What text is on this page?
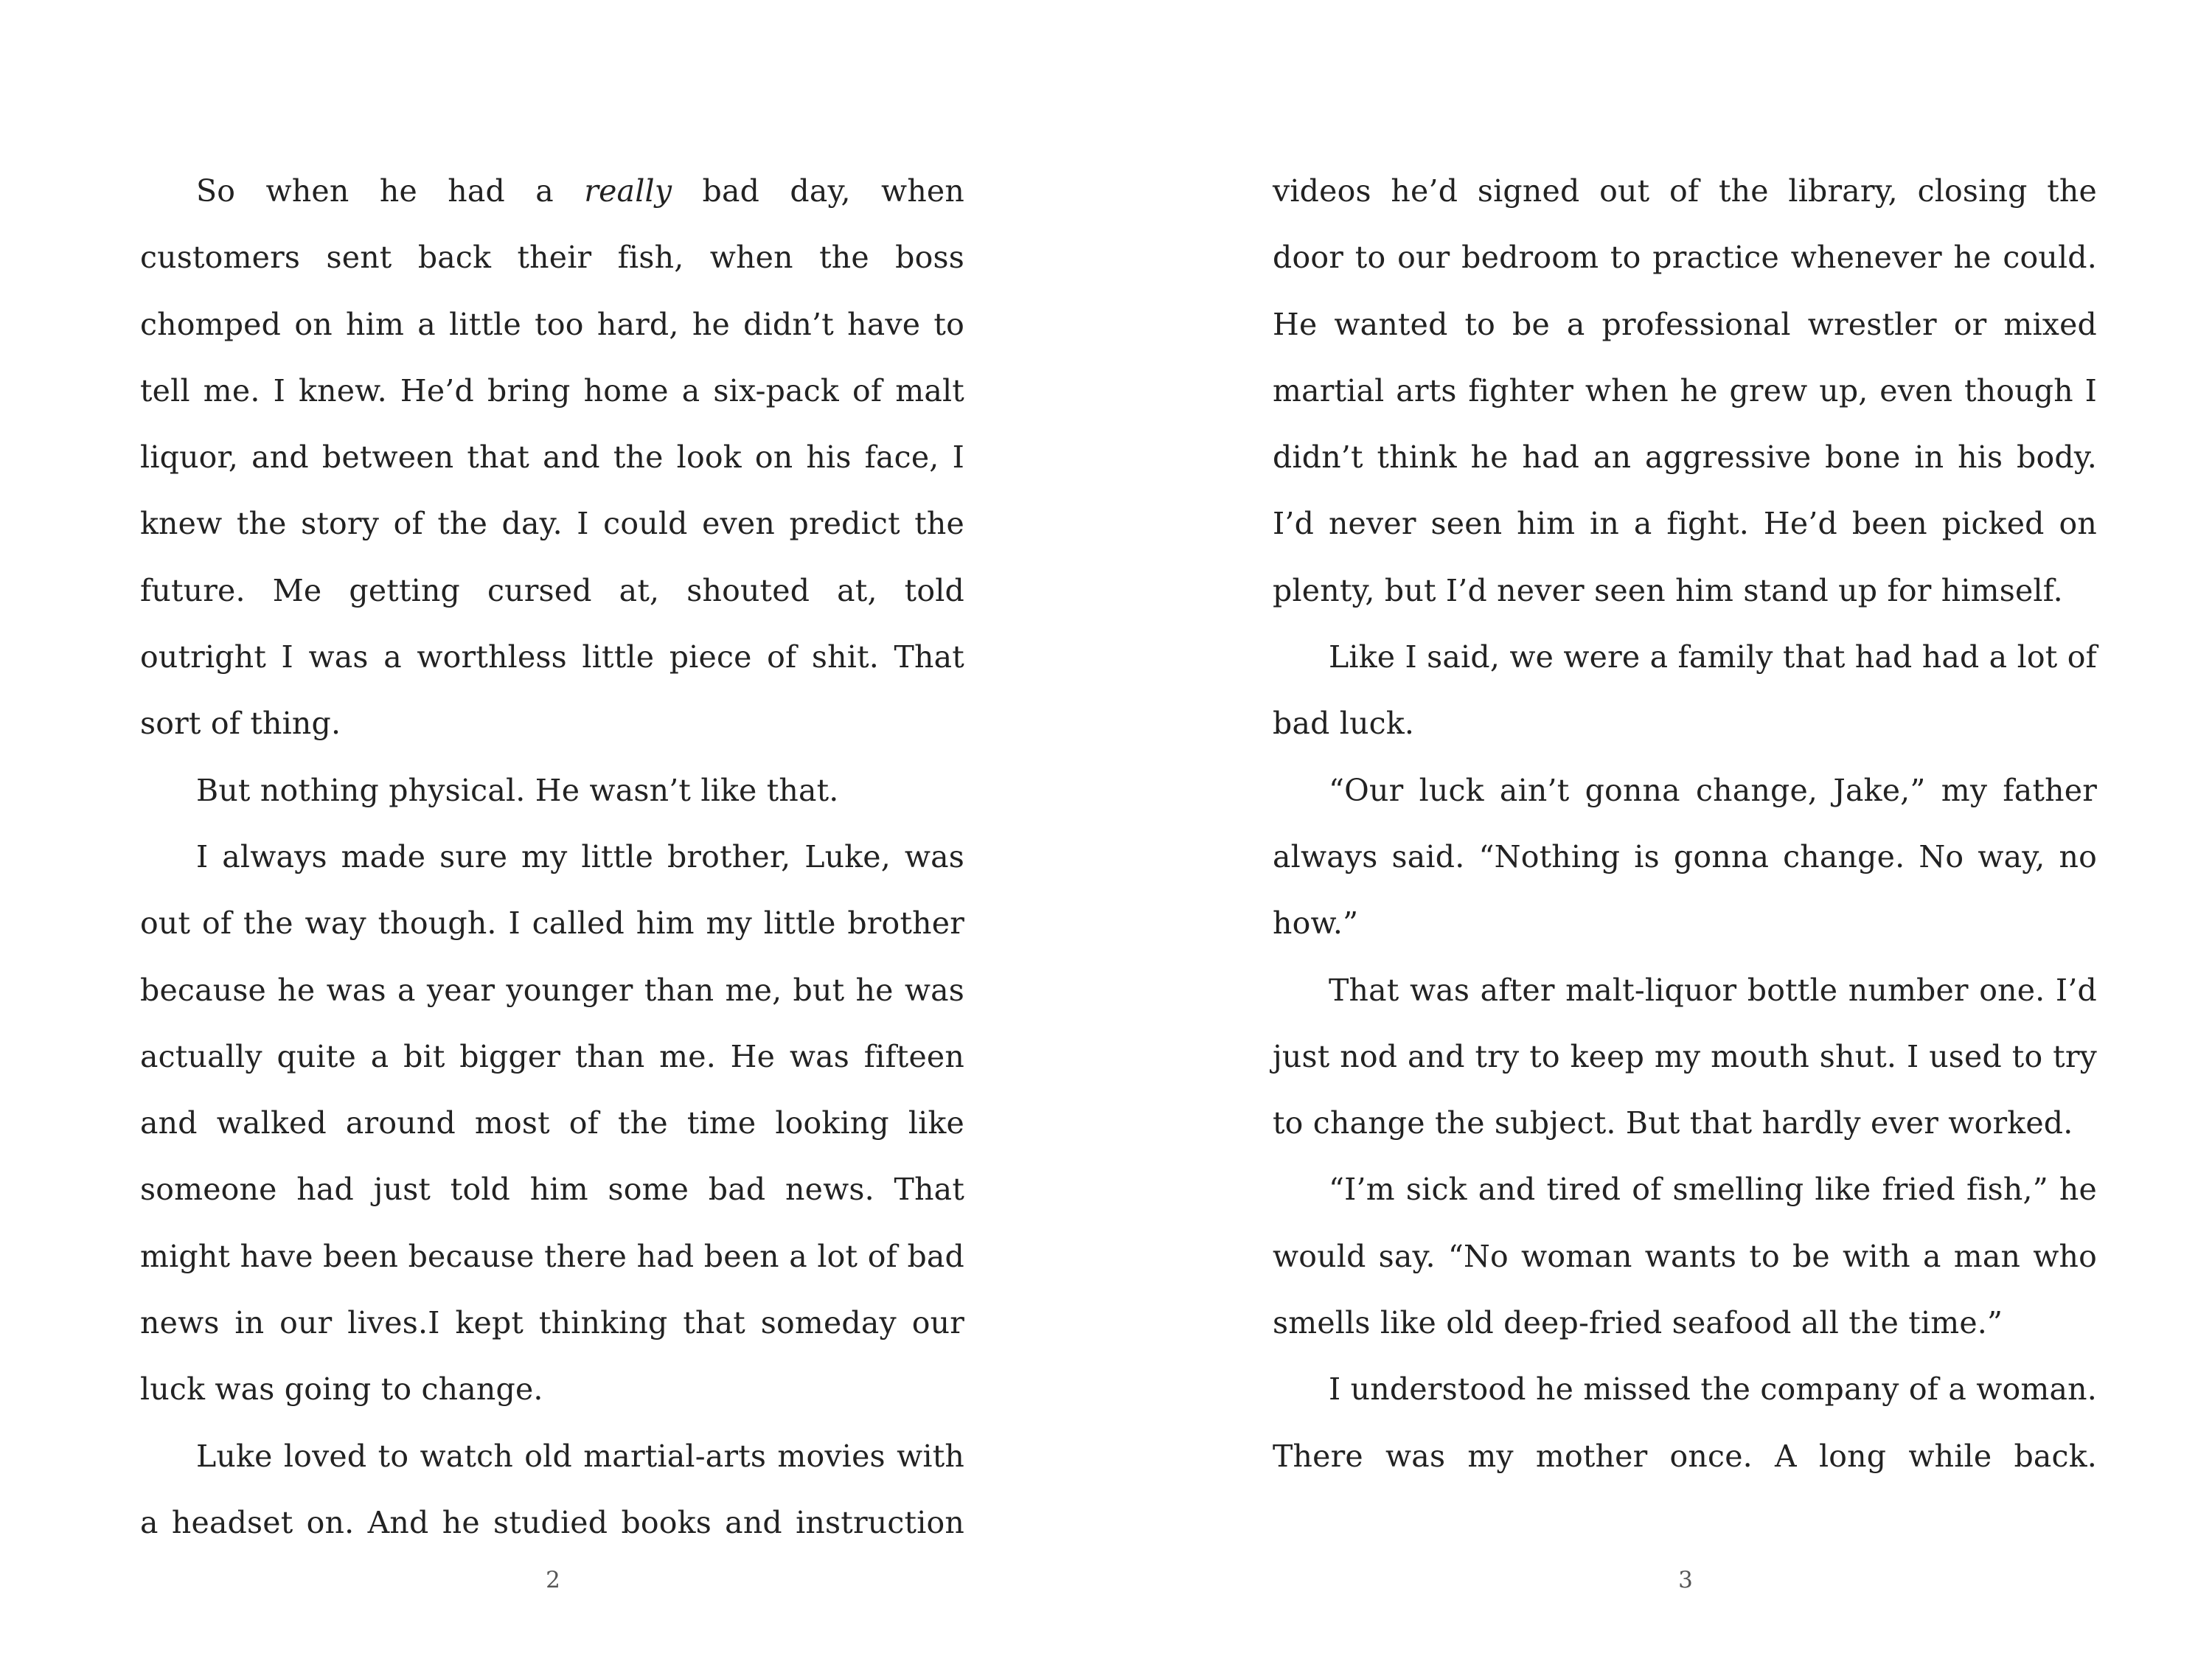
So when he had a really bad day, when customers sent back their fish, when the boss chomped on him a little too hard, he didn’t have to tell me. I knew. He’d bring home a six-pack of malt liquor, and between that and the look on his face, I knew the story of the day. I could even predict the future. Me getting cursed at, shouted at, told outright I was a worthless little piece of shit. That sort of thing.

But nothing physical. He wasn’t like that.

I always made sure my little brother, Luke, was out of the way though. I called him my little brother because he was a year younger than me, but he was actually quite a bit bigger than me. He was fifteen and walked around most of the time looking like someone had just told him some bad news. That might have been because there had been a lot of bad news in our lives.I kept thinking that someday our luck was going to change.

Luke loved to watch old martial-arts movies with a headset on. And he studied books and instruction

2

videos he’d signed out of the library, closing the door to our bedroom to practice whenever he could. He wanted to be a professional wrestler or mixed martial arts fighter when he grew up, even though I didn’t think he had an aggressive bone in his body. I’d never seen him in a fight. He’d been picked on plenty, but I’d never seen him stand up for himself.

Like I said, we were a family that had had a lot of bad luck.

“Our luck ain’t gonna change, Jake,” my father always said. “Nothing is gonna change. No way, no how.”

That was after malt-liquor bottle number one. I’d just nod and try to keep my mouth shut. I used to try to change the subject. But that hardly ever worked.

“I’m sick and tired of smelling like fried fish,” he would say. “No woman wants to be with a man who smells like old deep-fried seafood all the time.”

I understood he missed the company of a woman. There was my mother once. A long while back.

3
